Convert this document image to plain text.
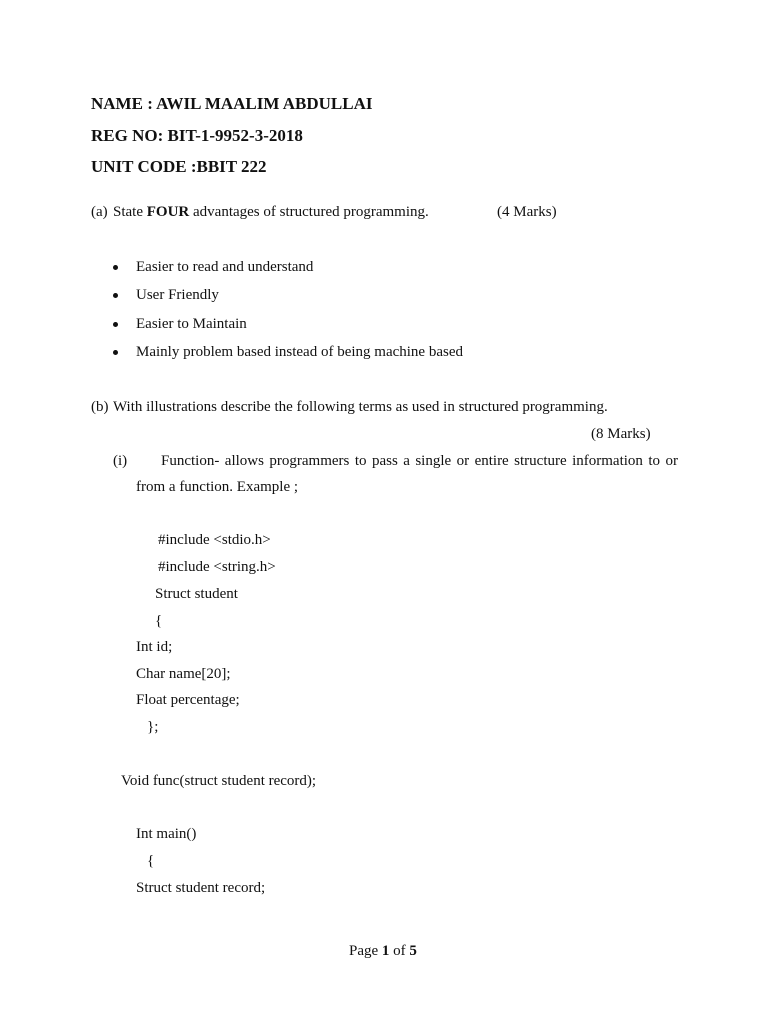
NAME : AWIL MAALIM ABDULLAI
REG NO: BIT-1-9952-3-2018
UNIT CODE :BBIT 222
(a) State FOUR advantages of structured programming.	(4 Marks)
Easier to read and understand
User Friendly
Easier to Maintain
Mainly problem based instead of being machine based
(b) With illustrations describe the following terms as used in structured programming.
(8 Marks)
(i) Function- allows programmers to pass a single or entire structure information to or
from a function. Example ;
#include <stdio.h>
#include <string.h>
Struct student
{
Int id;
Char name[20];
Float percentage;
};
Void func(struct student record);
Int main()
{
Struct student record;
Page 1 of 5
